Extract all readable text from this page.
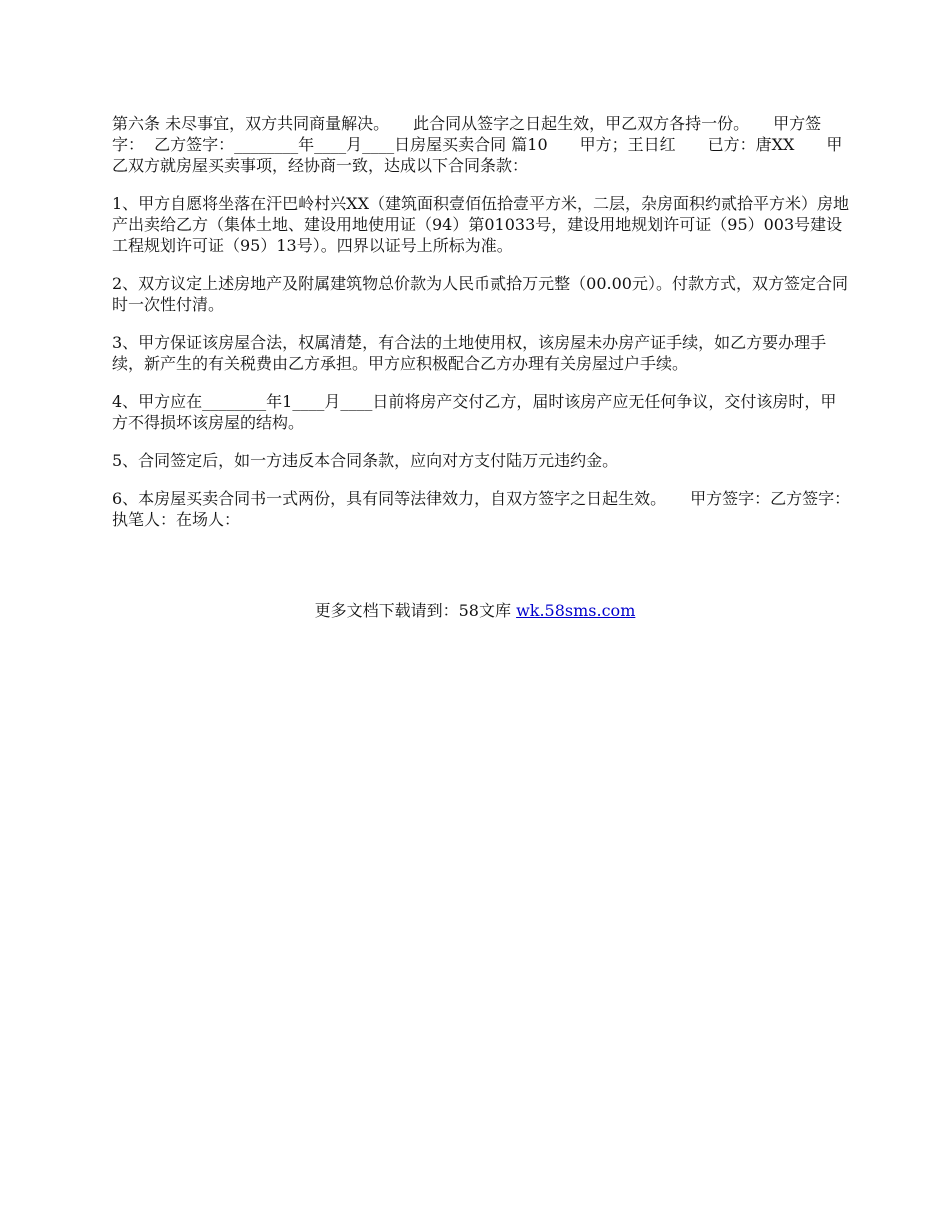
第六条 未尽事宜，双方共同商量解决。　　此合同从签字之日起生效，甲乙双方各持一份。　　甲方签字：  乙方签字：________年____月____日房屋买卖合同 篇10　　甲方；王日红　　已方：唐XX　　甲乙双方就房屋买卖事项，经协商一致，达成以下合同条款：

1、甲方自愿将坐落在汗巴岭村兴XX（建筑面积壹佰伍拾壹平方米，二层，杂房面积约贰拾平方米）房地产出卖给乙方（集体土地、建设用地使用证（94）第01033号，建设用地规划许可证（95）003号建设工程规划许可证（95）13号）。四界以证号上所标为准。

2、双方议定上述房地产及附属建筑物总价款为人民币贰拾万元整（00.00元）。付款方式，双方签定合同时一次性付清。

3、甲方保证该房屋合法，权属清楚，有合法的土地使用权，该房屋未办房产证手续，如乙方要办理手续，新产生的有关税费由乙方承担。甲方应积极配合乙方办理有关房屋过户手续。

4、甲方应在________年1____月____日前将房产交付乙方，届时该房产应无任何争议，交付该房时，甲方不得损坏该房屋的结构。

5、合同签定后，如一方违反本合同条款，应向对方支付陆万元违约金。

6、本房屋买卖合同书一式两份，具有同等法律效力，自双方签字之日起生效。　　甲方签字：乙方签字：　　执笔人：在场人：

更多文档下载请到：58文库 wk.58sms.com
